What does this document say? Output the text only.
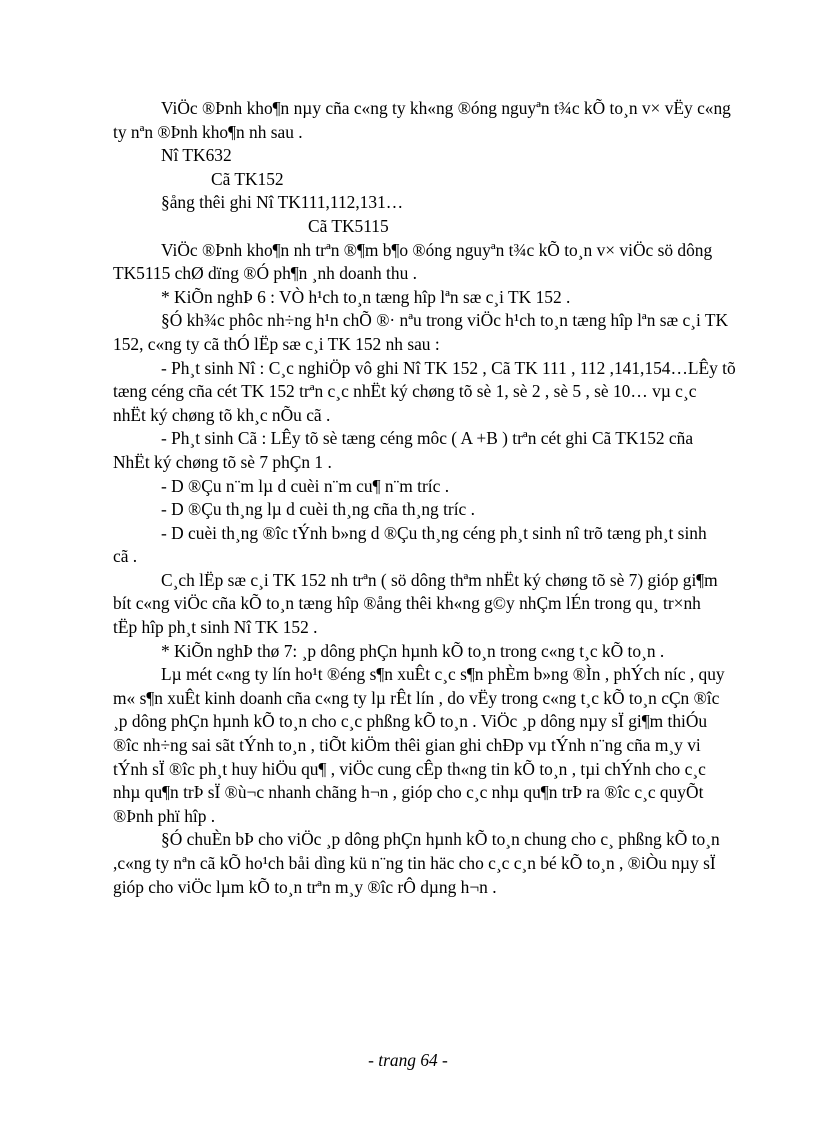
ViÖc ®Þnh kho¶n nµy cña c«ng ty kh«ng ®óng nguyªn t¾c kÕ to¸n v× vËy c«ng

ty nªn ®Þnh kho¶n nh sau .

Nî TK632

Cã TK152

§ång thêi ghi Nî TK111,112,131…

Cã TK5115

ViÖc ®Þnh kho¶n nh trªn ®¶m b¶o ®óng nguyªn t¾c kÕ to¸n v× viÖc sö dông

TK5115 chØ dïng ®Ó ph¶n ¸nh doanh thu .

* KiÕn nghÞ 6 : VÒ h¹ch to¸n tæng hîp lªn sæ c¸i TK 152 .

§Ó kh¾c phôc nh÷ng h¹n chÕ ®· nªu trong viÖc h¹ch to¸n tæng hîp lªn sæ c¸i TK

152, c«ng ty cã thÓ lËp sæ c¸i TK 152 nh sau :

- Ph¸t sinh Nî : C¸c nghiÖp vô ghi Nî TK 152 , Cã TK 111 , 112 ,141,154…LÊy tõ

tæng céng cña cét TK 152 trªn c¸c nhËt ký chøng tõ sè 1, sè 2 , sè 5 , sè 10… vµ c¸c

nhËt ký chøng tõ kh¸c nÕu cã .

- Ph¸t sinh Cã : LÊy tõ sè tæng céng môc ( A +B ) trªn cét ghi Cã TK152 cña

NhËt ký chøng tõ sè 7 phÇn 1 .

- D ®Çu n¨m lµ d cuèi n¨m cu¶ n¨m tríc .

- D ®Çu th¸ng lµ d cuèi th¸ng cña th¸ng tríc .

- D cuèi th¸ng ®îc tÝnh b»ng d ®Çu th¸ng céng ph¸t sinh nî trõ tæng ph¸t sinh

cã .

C¸ch lËp sæ c¸i TK 152 nh trªn ( sö dông thªm nhËt ký chøng tõ sè 7) gióp gi¶m

bít c«ng viÖc cña kÕ to¸n tæng hîp ®ång thêi kh«ng g©y nhÇm lÉn trong qu¸ tr×nh

tËp hîp ph¸t sinh Nî TK 152 .

* KiÕn nghÞ thø 7: ¸p dông phÇn hµnh kÕ to¸n trong c«ng t¸c kÕ to¸n .

Lµ mét c«ng ty lín ho¹t ®éng s¶n xuÊt c¸c s¶n phÈm b»ng ®Ìn , phÝch níc , quy

m« s¶n xuÊt kinh doanh cña c«ng ty lµ rÊt lín , do vËy trong c«ng t¸c kÕ to¸n cÇn ®îc

¸p dông phÇn hµnh kÕ to¸n cho c¸c phßng kÕ to¸n . ViÖc ¸p dông nµy sÏ gi¶m thiÓu

®îc nh÷ng sai sãt tÝnh to¸n , tiÕt kiÖm thêi gian ghi chÐp vµ tÝnh n¨ng cña m¸y vi

tÝnh sÏ ®îc ph¸t huy hiÖu qu¶ , viÖc cung cÊp th«ng tin kÕ to¸n , tµi chÝnh cho c¸c

nhµ qu¶n trÞ sÏ ®ù¬c nhanh chãng h¬n , gióp cho c¸c nhµ qu¶n trÞ ra ®îc c¸c quyÕt

®Þnh phï hîp .

§Ó chuÈn bÞ cho viÖc ¸p dông phÇn hµnh kÕ to¸n chung cho c¸ phßng kÕ to¸n

,c«ng ty nªn cã kÕ ho¹ch båi dìng kü n¨ng tin häc cho c¸c c¸n bé kÕ to¸n , ®iÒu nµy sÏ

gióp cho viÖc lµm kÕ to¸n trªn m¸y ®îc rÔ dµng h¬n .

- trang 64 -
